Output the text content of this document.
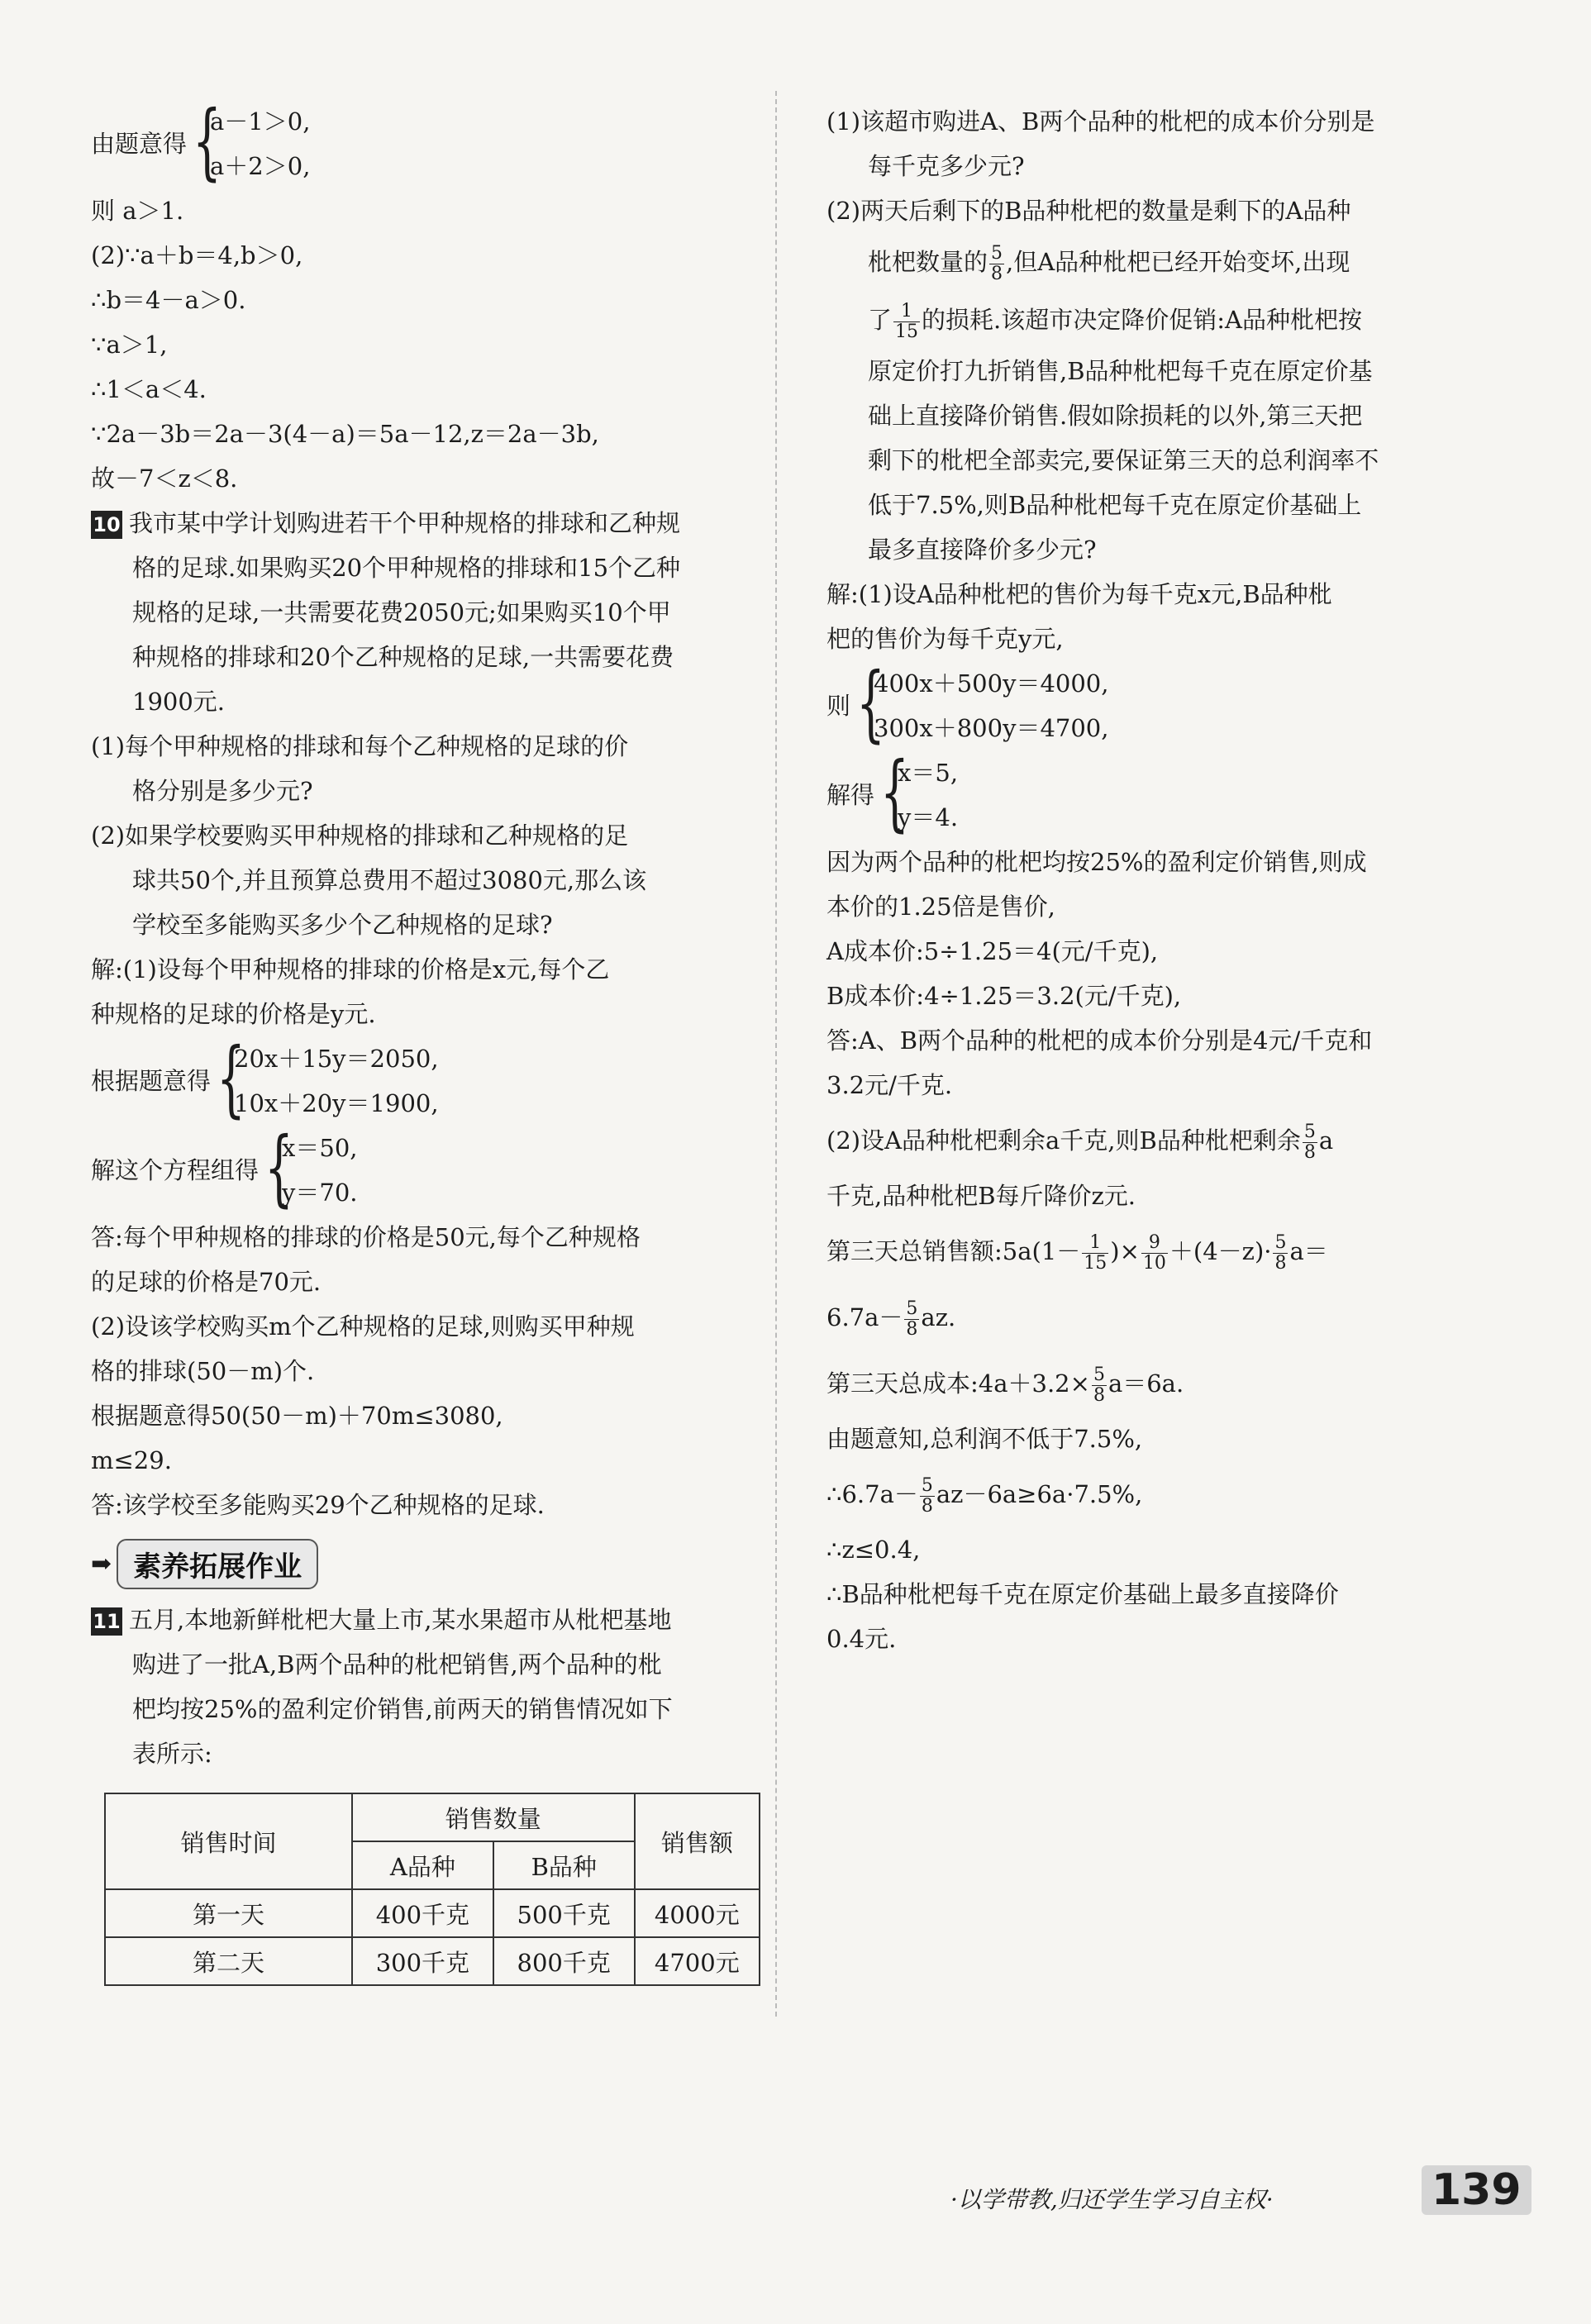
由题意得 {
a－1＞0,
a＋2＞0,
则 a＞1.
(2)∵a＋b＝4,b＞0,
∴b＝4－a＞0.
∵a＞1,
∴1＜a＜4.
∵2a－3b＝2a－3(4－a)＝5a－12,z＝2a－3b,
故－7＜z＜8.
10 我市某中学计划购进若干个甲种规格的排球和乙种规
格的足球.如果购买20个甲种规格的排球和15个乙种
规格的足球,一共需要花费2050元;如果购买10个甲
种规格的排球和20个乙种规格的足球,一共需要花费
1900元.
(1)每个甲种规格的排球和每个乙种规格的足球的价
格分别是多少元?
(2)如果学校要购买甲种规格的排球和乙种规格的足
球共50个,并且预算总费用不超过3080元,那么该
学校至多能购买多少个乙种规格的足球?
解:(1)设每个甲种规格的排球的价格是x元,每个乙
种规格的足球的价格是y元.
根据题意得 {
20x＋15y＝2050,
10x＋20y＝1900,
解这个方程组得 {
x＝50,
y＝70.
答:每个甲种规格的排球的价格是50元,每个乙种规格
的足球的价格是70元.
(2)设该学校购买m个乙种规格的足球,则购买甲种规
格的排球(50－m)个.
根据题意得50(50－m)＋70m≤3080,
m≤29.
答:该学校至多能购买29个乙种规格的足球.
➡ 素养拓展作业
11 五月,本地新鲜枇杷大量上市,某水果超市从枇杷基地
购进了一批A,B两个品种的枇杷销售,两个品种的枇
杷均按25%的盈利定价销售,前两天的销售情况如下
表所示:
销售时间	销售数量		销售额
	A品种	B品种	
第一天	400千克	500千克	4000元
第二天	300千克	800千克	4700元
(1)该超市购进A、B两个品种的枇杷的成本价分别是
每千克多少元?
(2)两天后剩下的B品种枇杷的数量是剩下的A品种
枇杷数量的 $\frac{5}{8}$ ,但A品种枇杷已经开始变坏,出现
了 $\frac{1}{15}$ 的损耗.该超市决定降价促销:A品种枇杷按
原定价打九折销售,B品种枇杷每千克在原定价基
础上直接降价销售.假如除损耗的以外,第三天把
剩下的枇杷全部卖完,要保证第三天的总利润率不
低于7.5%,则B品种枇杷每千克在原定价基础上
最多直接降价多少元?
解:(1)设A品种枇杷的售价为每千克x元,B品种枇
杷的售价为每千克y元,
则 {
400x＋500y＝4000,
300x＋800y＝4700,
解得 {
x＝5,
y＝4.
因为两个品种的枇杷均按25%的盈利定价销售,则成
本价的1.25倍是售价,
A成本价:5÷1.25＝4(元/千克),
B成本价:4÷1.25＝3.2(元/千克),
答:A、B两个品种的枇杷的成本价分别是4元/千克和
3.2元/千克.
(2)设A品种枇杷剩余a千克,则B品种枇杷剩余 $\frac{5}{8}$ a
千克,品种枇杷B每斤降价z元.
第三天总销售额:5a(1－ $\frac{1}{15}$ )× $\frac{9}{10} +(4-z)\cdot \frac{5}{8} a=$
$6.7a- \frac{5}{8}$ az.
第三天总成本:4a＋3.2× $\frac{5}{8} a=6a$.
由题意知,总利润不低于7.5%,
∴6.7a－ $\frac{5}{8} az-6a\ge 6a\cdot 7.5\%$,
∴z≤0.4,
∴B品种枇杷每千克在原定价基础上最多直接降价
0.4元.
·以学带教,归还学生学习自主权·	139
